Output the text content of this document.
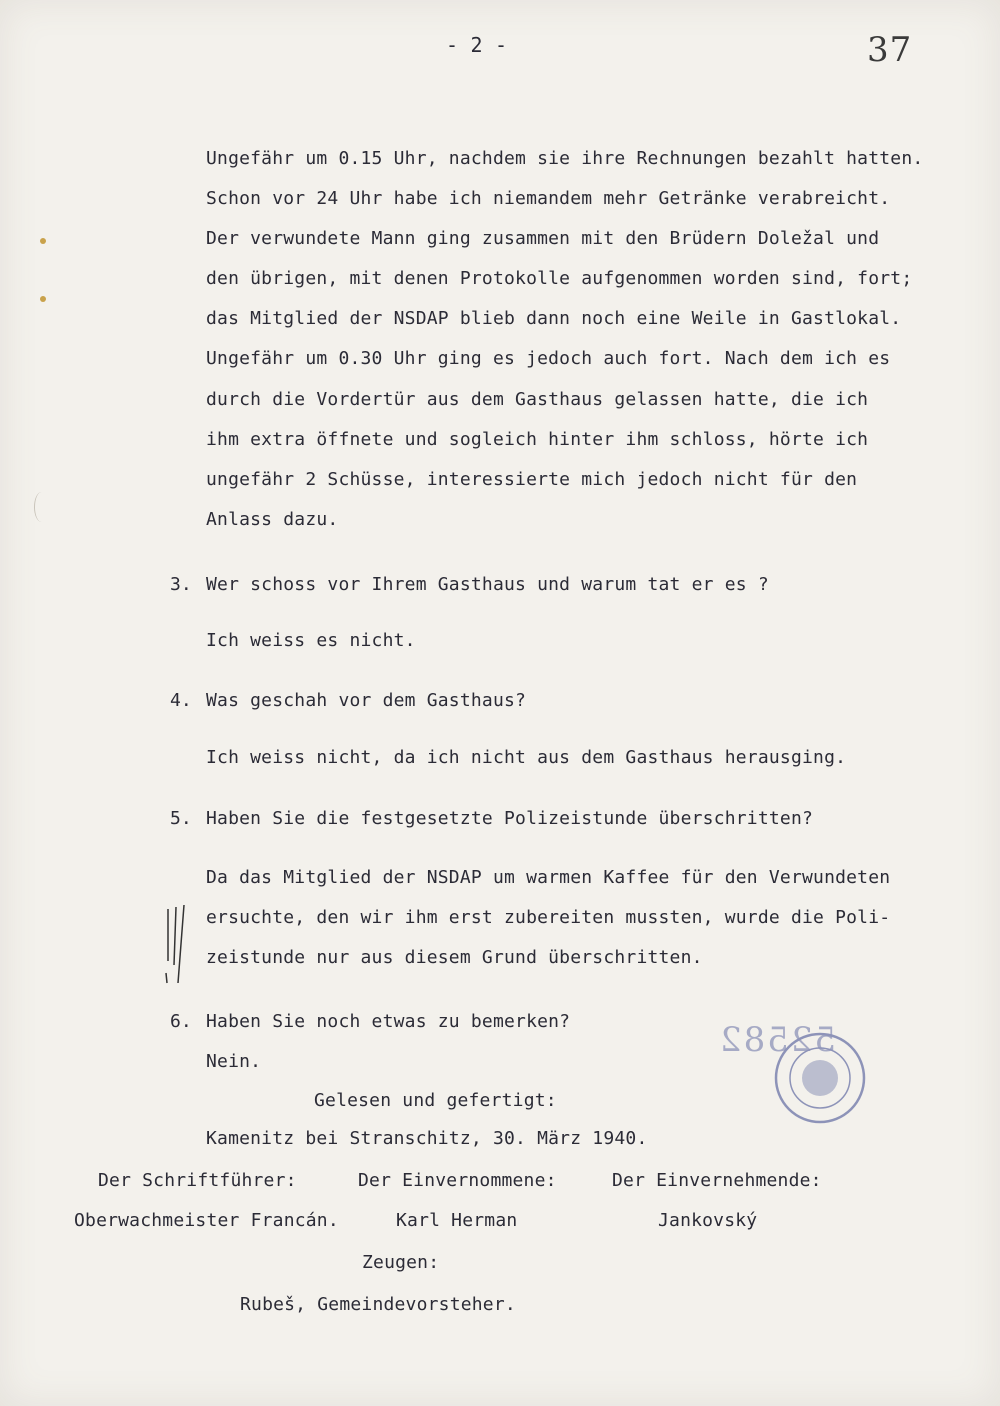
- 2 -	37
Ungefähr um 0.15 Uhr, nachdem sie ihre Rechnungen bezahlt hatten.
Schon vor 24 Uhr habe ich niemandem mehr Getränke verabreicht.
Der verwundete Mann ging zusammen mit den Brüdern Doležal und
den übrigen, mit denen Protokolle aufgenommen worden sind, fort;
das Mitglied der NSDAP blieb dann noch eine Weile in Gastlokal.
Ungefähr um 0.30 Uhr ging es jedoch auch fort. Nach dem ich es
durch die Vordertür aus dem Gasthaus gelassen hatte, die ich
ihm extra öffnete und sogleich hinter ihm schloss, hörte ich
ungefähr 2 Schüsse, interessierte mich jedoch nicht für den
Anlass dazu.
3. Wer schoss vor Ihrem Gasthaus und warum tat er es ?
Ich weiss es nicht.
4. Was geschah vor dem Gasthaus?
Ich weiss nicht, da ich nicht aus dem Gasthaus herausging.
5. Haben Sie die festgesetzte Polizeistunde überschritten?
Da das Mitglied der NSDAP um warmen Kaffee für den Verwundeten
ersuchte, den wir ihm erst zubereiten mussten, wurde die Poli-
zeistunde nur aus diesem Grund überschritten.
6. Haben Sie noch etwas zu bemerken?
Nein.
52582
Gelesen und gefertigt:
Kamenitz bei Stranschitz, 30. März 1940.
Der Schriftführer:	Der Einvernommene:	Der Einvernehmende:
Oberwachmeister Francán.	Karl Herman	Jankovský
Zeugen:
Rubeš, Gemeindevorsteher.
